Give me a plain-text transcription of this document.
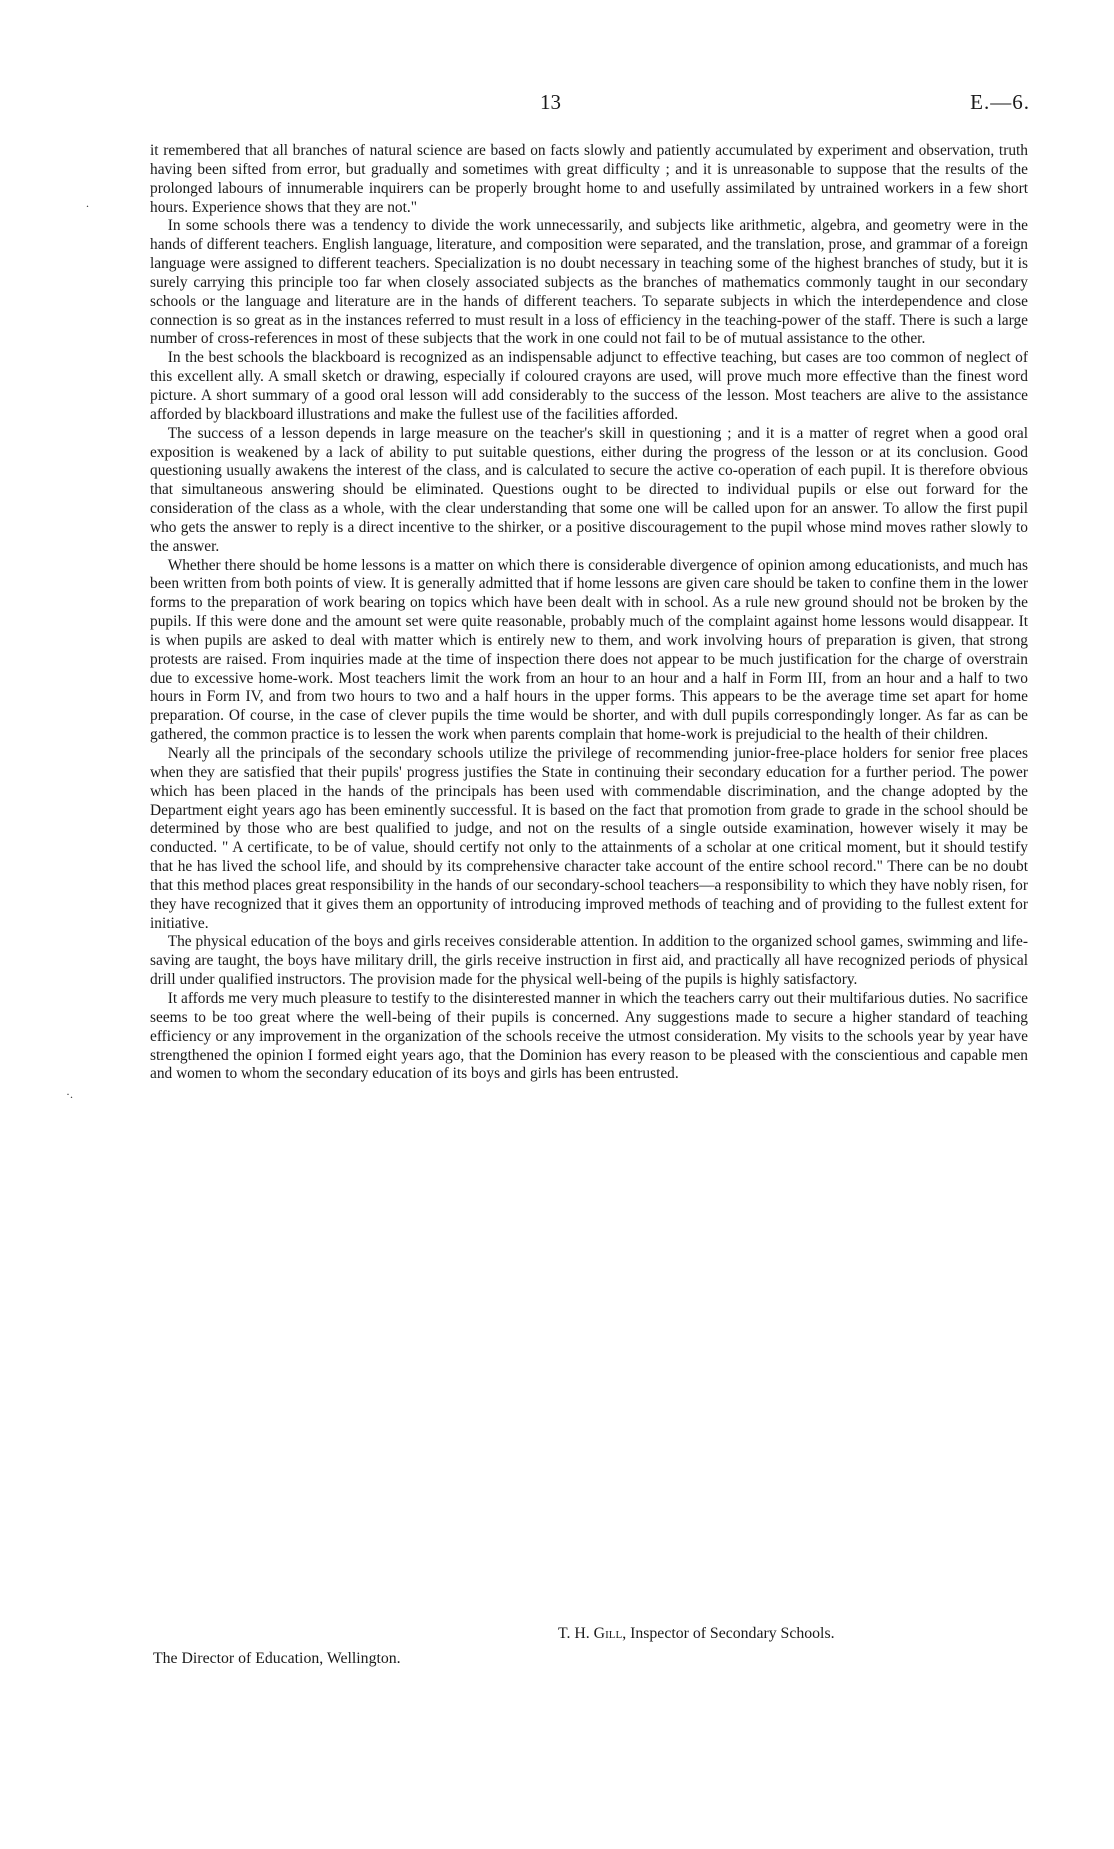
13	E.—6.

it remembered that all branches of natural science are based on facts slowly and patiently accumulated by experiment and observation, truth having been sifted from error, but gradually and sometimes with great difficulty ; and it is unreasonable to suppose that the results of the prolonged labours of innumerable inquirers can be properly brought home to and usefully assimilated by untrained workers in a few short hours. Experience shows that they are not."

In some schools there was a tendency to divide the work unnecessarily, and subjects like arithmetic, algebra, and geometry were in the hands of different teachers. English language, literature, and composition were separated, and the translation, prose, and grammar of a foreign language were assigned to different teachers. Specialization is no doubt necessary in teaching some of the highest branches of study, but it is surely carrying this principle too far when closely associated subjects as the branches of mathematics commonly taught in our secondary schools or the language and literature are in the hands of different teachers. To separate subjects in which the interdependence and close connection is so great as in the instances referred to must result in a loss of efficiency in the teaching-power of the staff. There is such a large number of cross-references in most of these subjects that the work in one could not fail to be of mutual assistance to the other.

In the best schools the blackboard is recognized as an indispensable adjunct to effective teaching, but cases are too common of neglect of this excellent ally. A small sketch or drawing, especially if coloured crayons are used, will prove much more effective than the finest word picture. A short summary of a good oral lesson will add considerably to the success of the lesson. Most teachers are alive to the assistance afforded by blackboard illustrations and make the fullest use of the facilities afforded.

The success of a lesson depends in large measure on the teacher's skill in questioning ; and it is a matter of regret when a good oral exposition is weakened by a lack of ability to put suitable questions, either during the progress of the lesson or at its conclusion. Good questioning usually awakens the interest of the class, and is calculated to secure the active co-operation of each pupil. It is therefore obvious that simultaneous answering should be eliminated. Questions ought to be directed to individual pupils or else out forward for the consideration of the class as a whole, with the clear understanding that some one will be called upon for an answer. To allow the first pupil who gets the answer to reply is a direct incentive to the shirker, or a positive discouragement to the pupil whose mind moves rather slowly to the answer.

Whether there should be home lessons is a matter on which there is considerable divergence of opinion among educationists, and much has been written from both points of view. It is generally admitted that if home lessons are given care should be taken to confine them in the lower forms to the preparation of work bearing on topics which have been dealt with in school. As a rule new ground should not be broken by the pupils. If this were done and the amount set were quite reasonable, probably much of the complaint against home lessons would disappear. It is when pupils are asked to deal with matter which is entirely new to them, and work involving hours of preparation is given, that strong protests are raised. From inquiries made at the time of inspection there does not appear to be much justification for the charge of overstrain due to excessive home-work. Most teachers limit the work from an hour to an hour and a half in Form III, from an hour and a half to two hours in Form IV, and from two hours to two and a half hours in the upper forms. This appears to be the average time set apart for home preparation. Of course, in the case of clever pupils the time would be shorter, and with dull pupils correspondingly longer. As far as can be gathered, the common practice is to lessen the work when parents complain that home-work is prejudicial to the health of their children.

Nearly all the principals of the secondary schools utilize the privilege of recommending junior-free-place holders for senior free places when they are satisfied that their pupils' progress justifies the State in continuing their secondary education for a further period. The power which has been placed in the hands of the principals has been used with commendable discrimination, and the change adopted by the Department eight years ago has been eminently successful. It is based on the fact that promotion from grade to grade in the school should be determined by those who are best qualified to judge, and not on the results of a single outside examination, however wisely it may be conducted. " A certificate, to be of value, should certify not only to the attainments of a scholar at one critical moment, but it should testify that he has lived the school life, and should by its comprehensive character take account of the entire school record." There can be no doubt that this method places great responsibility in the hands of our secondary-school teachers—a responsibility to which they have nobly risen, for they have recognized that it gives them an opportunity of introducing improved methods of teaching and of providing to the fullest extent for initiative.

The physical education of the boys and girls receives considerable attention. In addition to the organized school games, swimming and life-saving are taught, the boys have military drill, the girls receive instruction in first aid, and practically all have recognized periods of physical drill under qualified instructors. The provision made for the physical well-being of the pupils is highly satisfactory.

It affords me very much pleasure to testify to the disinterested manner in which the teachers carry out their multifarious duties. No sacrifice seems to be too great where the well-being of their pupils is concerned. Any suggestions made to secure a higher standard of teaching efficiency or any improvement in the organization of the schools receive the utmost consideration. My visits to the schools year by year have strengthened the opinion I formed eight years ago, that the Dominion has every reason to be pleased with the conscientious and capable men and women to whom the secondary education of its boys and girls has been entrusted.

T. H. Gill, Inspector of Secondary Schools.
The Director of Education, Wellington.
.
·.
